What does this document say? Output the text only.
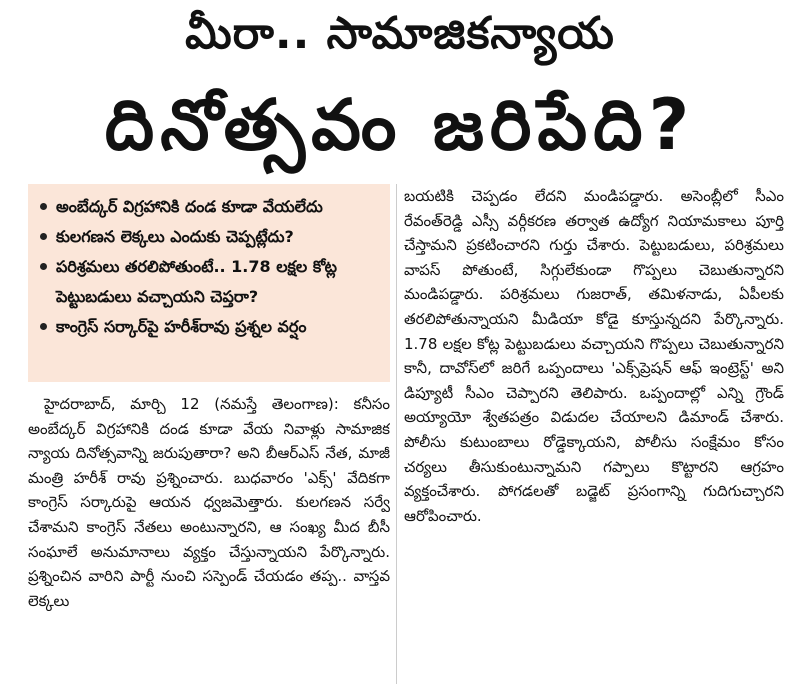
మీరా.. సామాజికన్యాయ
దినోత్సవం జరిపేది?
అంబేద్కర్ విగ్రహానికి దండ కూడా వేయలేదు
కులగణన లెక్కలు ఎందుకు చెప్పట్లేదు?
పరిశ్రమలు తరలిపోతుంటే.. 1.78 లక్షల కోట్ల పెట్టుబడులు వచ్చాయని చెప్తరా?
కాంగ్రెస్ సర్కార్‌పై హరీశ్‌రావు ప్రశ్నల వర్షం

హైదరాబాద్, మార్చి 12 (నమస్తే తెలంగాణ): కనీసం అంబేద్కర్ విగ్రహానికి దండ కూడా వేయ నివాళ్లు సామాజిక న్యాయ దినోత్సవాన్ని జరుపుతారా? అని బీఆర్‌ఎస్ నేత, మాజీ మంత్రి హరీశ్ రావు ప్రశ్నించారు. బుధవారం 'ఎక్స్' వేదికగా కాంగ్రెస్ సర్కారుపై ఆయన ధ్వజమెత్తారు. కులగణన సర్వే చేశామని కాంగ్రెస్ నేతలు అంటున్నారని, ఆ సంఖ్య మీద బీసీ సంఘాలే అనుమానాలు వ్యక్తం చేస్తున్నాయని పేర్కొన్నారు. ప్రశ్నించిన వారిని పార్టీ నుంచి సస్పెండ్ చేయడం తప్ప.. వాస్తవ లెక్కలు

బయటికి చెప్పడం లేదని మండిపడ్డారు. అసెంబ్లీలో సీఎం రేవంత్‌రెడ్డి ఎస్సీ వర్గీకరణ తర్వాత ఉద్యోగ నియామకాలు పూర్తి చేస్తామని ప్రకటించారని గుర్తు చేశారు. పెట్టుబడులు, పరిశ్రమలు వాపస్ పోతుంటే, సిగ్గులేకుండా గొప్పలు చెబుతున్నారని మండిపడ్డారు. పరిశ్రమలు గుజరాత్, తమిళనాడు, ఏపీలకు తరలిపోతున్నాయని మీడియా కోడై కూస్తున్నదని పేర్కొన్నారు. 1.78 లక్షల కోట్ల పెట్టుబడులు వచ్చాయని గొప్పలు చెబుతున్నారని కానీ, దావోస్‌లో జరిగే ఒప్పందాలు 'ఎక్స్‌ప్రెషన్ ఆఫ్ ఇంట్రెస్ట్' అని డిప్యూటీ సీఎం చెప్పారని తెలిపారు. ఒప్పందాల్లో ఎన్ని గ్రౌండ్ అయ్యాయో శ్వేతపత్రం విడుదల చేయాలని డిమాండ్ చేశారు. పోలీసు కుటుంబాలు రోడ్డెక్కాయని, పోలీసు సంక్షేమం కోసం చర్యలు తీసుకుంటున్నామని గప్పాలు కొట్టారని ఆగ్రహం వ్యక్తంచేశారు. పోగడలతో బడ్జెట్ ప్రసంగాన్ని గుదిగుచ్చారని ఆరోపించారు.
